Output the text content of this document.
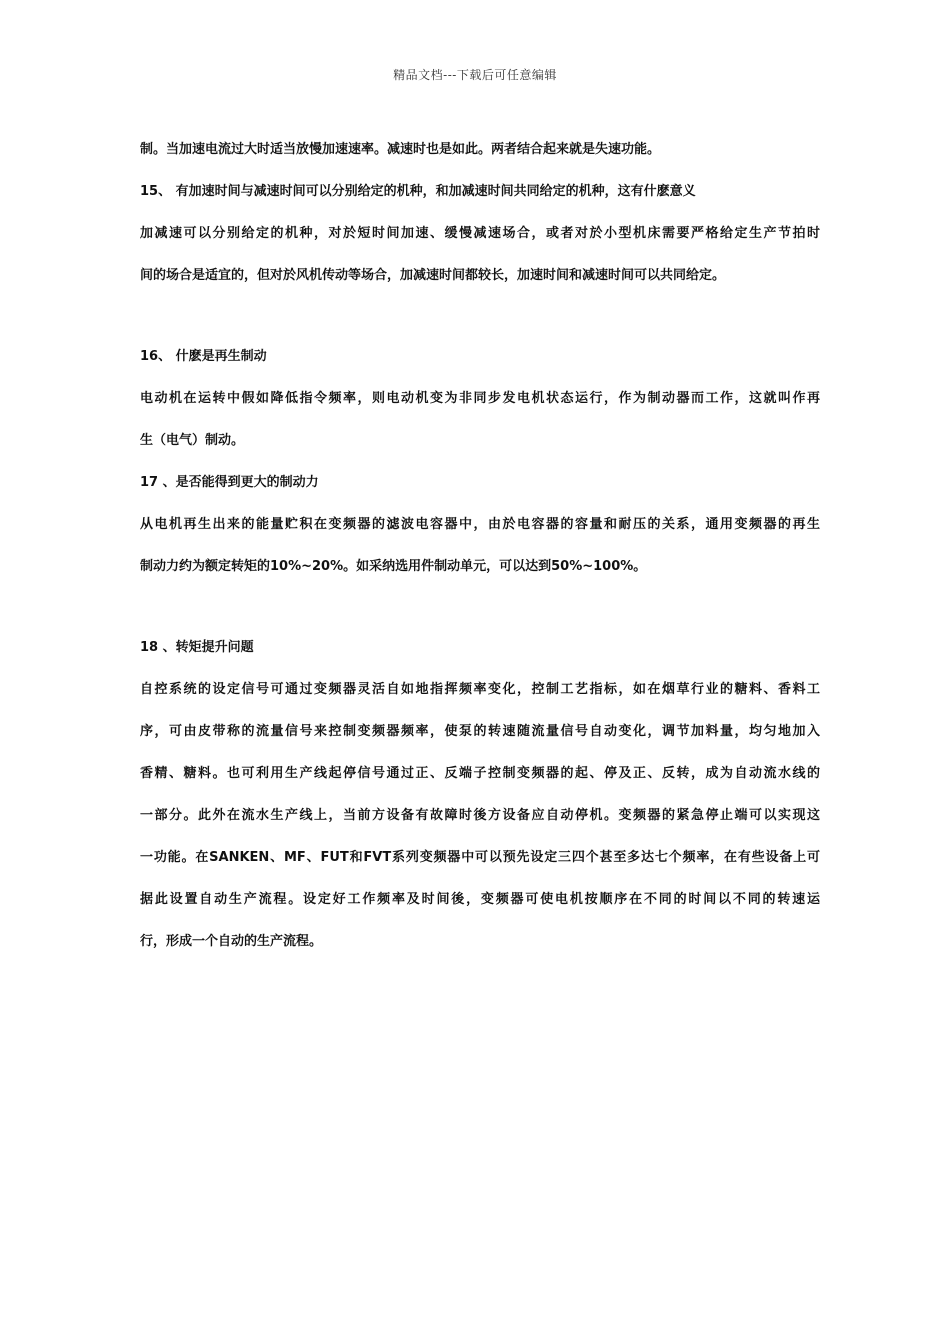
精品文档---下载后可任意编辑

制。当加速电流过大时适当放慢加速速率。减速时也是如此。两者结合起来就是失速功能。

15、 有加速时间与减速时间可以分别给定的机种，和加减速时间共同给定的机种，这有什麽意义

加减速可以分别给定的机种，对於短时间加速、缓慢减速场合，或者对於小型机床需要严格给定生产节拍时

间的场合是适宜的，但对於风机传动等场合，加减速时间都较长，加速时间和减速时间可以共同给定。

16、 什麽是再生制动

电动机在运转中假如降低指令频率，则电动机变为非同步发电机状态运行，作为制动器而工作，这就叫作再

生（电气）制动。

17 、是否能得到更大的制动力

从电机再生出来的能量贮积在变频器的滤波电容器中，由於电容器的容量和耐压的关系，通用变频器的再生

制动力约为额定转矩的10%~20%。如采纳选用件制动单元，可以达到50%~100%。

18 、转矩提升问题

自控系统的设定信号可通过变频器灵活自如地指挥频率变化，控制工艺指标，如在烟草行业的糖料、香料工

序，可由皮带称的流量信号来控制变频器频率，使泵的转速随流量信号自动变化，调节加料量，均匀地加入

香精、糖料。也可利用生产线起停信号通过正、反端子控制变频器的起、停及正、反转，成为自动流水线的

一部分。此外在流水生产线上，当前方设备有故障时後方设备应自动停机。变频器的紧急停止端可以实现这

一功能。在SANKEN、MF、FUT和FVT系列变频器中可以预先设定三四个甚至多达七个频率，在有些设备上可

据此设置自动生产流程。设定好工作频率及时间後，变频器可使电机按顺序在不同的时间以不同的转速运

行，形成一个自动的生产流程。
